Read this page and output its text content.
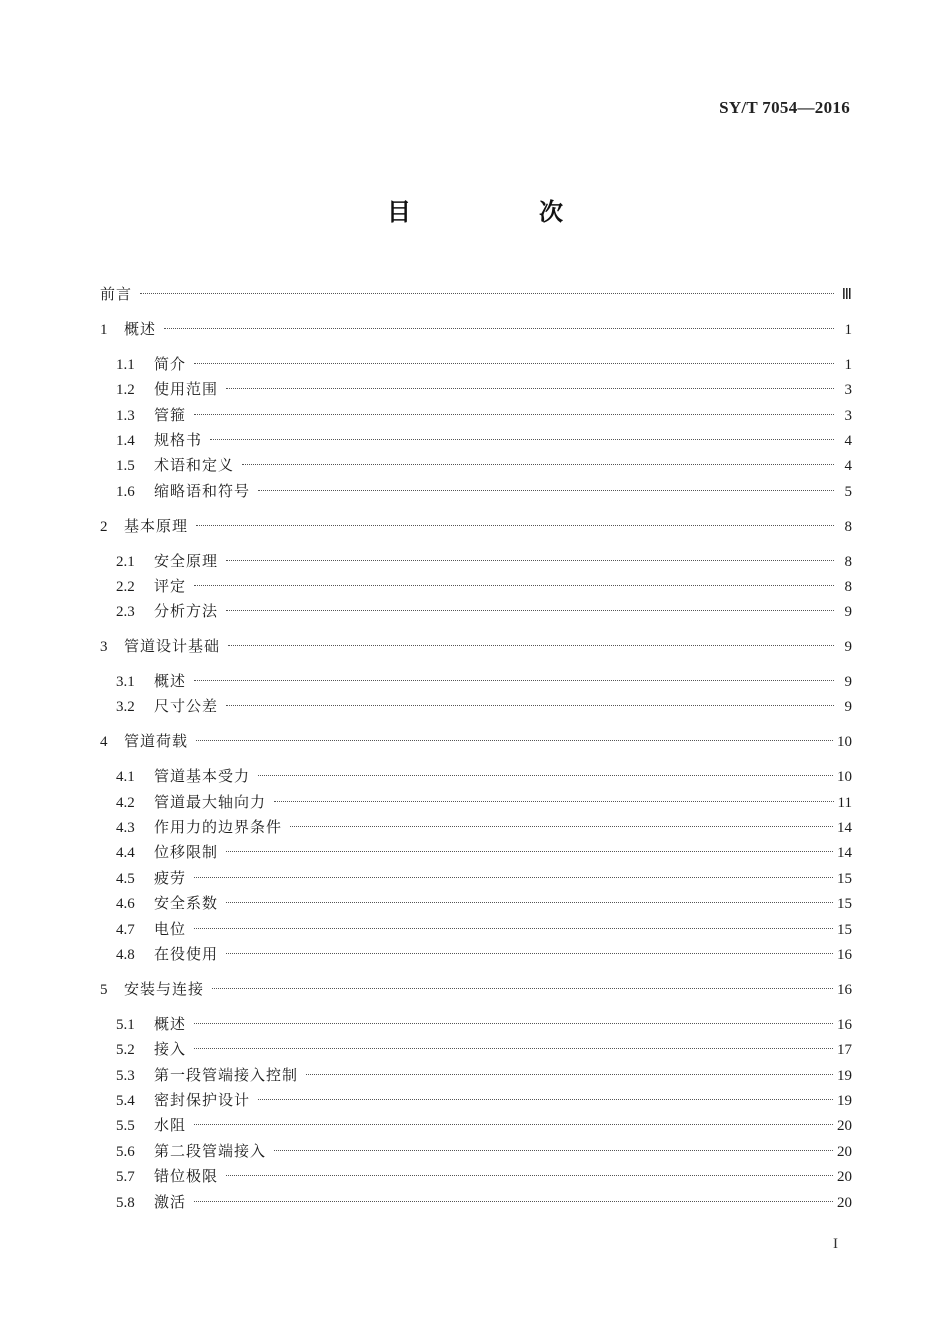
SY/T 7054—2016
目　次
前言	Ⅲ
1	概述	1
1.1	简介	1
1.2	使用范围	3
1.3	管箍	3
1.4	规格书	4
1.5	术语和定义	4
1.6	缩略语和符号	5
2	基本原理	8
2.1	安全原理	8
2.2	评定	8
2.3	分析方法	9
3	管道设计基础	9
3.1	概述	9
3.2	尺寸公差	9
4	管道荷载	10
4.1	管道基本受力	10
4.2	管道最大轴向力	11
4.3	作用力的边界条件	14
4.4	位移限制	14
4.5	疲劳	15
4.6	安全系数	15
4.7	电位	15
4.8	在役使用	16
5	安装与连接	16
5.1	概述	16
5.2	接入	17
5.3	第一段管端接入控制	19
5.4	密封保护设计	19
5.5	水阻	20
5.6	第二段管端接入	20
5.7	错位极限	20
5.8	激活	20
I
